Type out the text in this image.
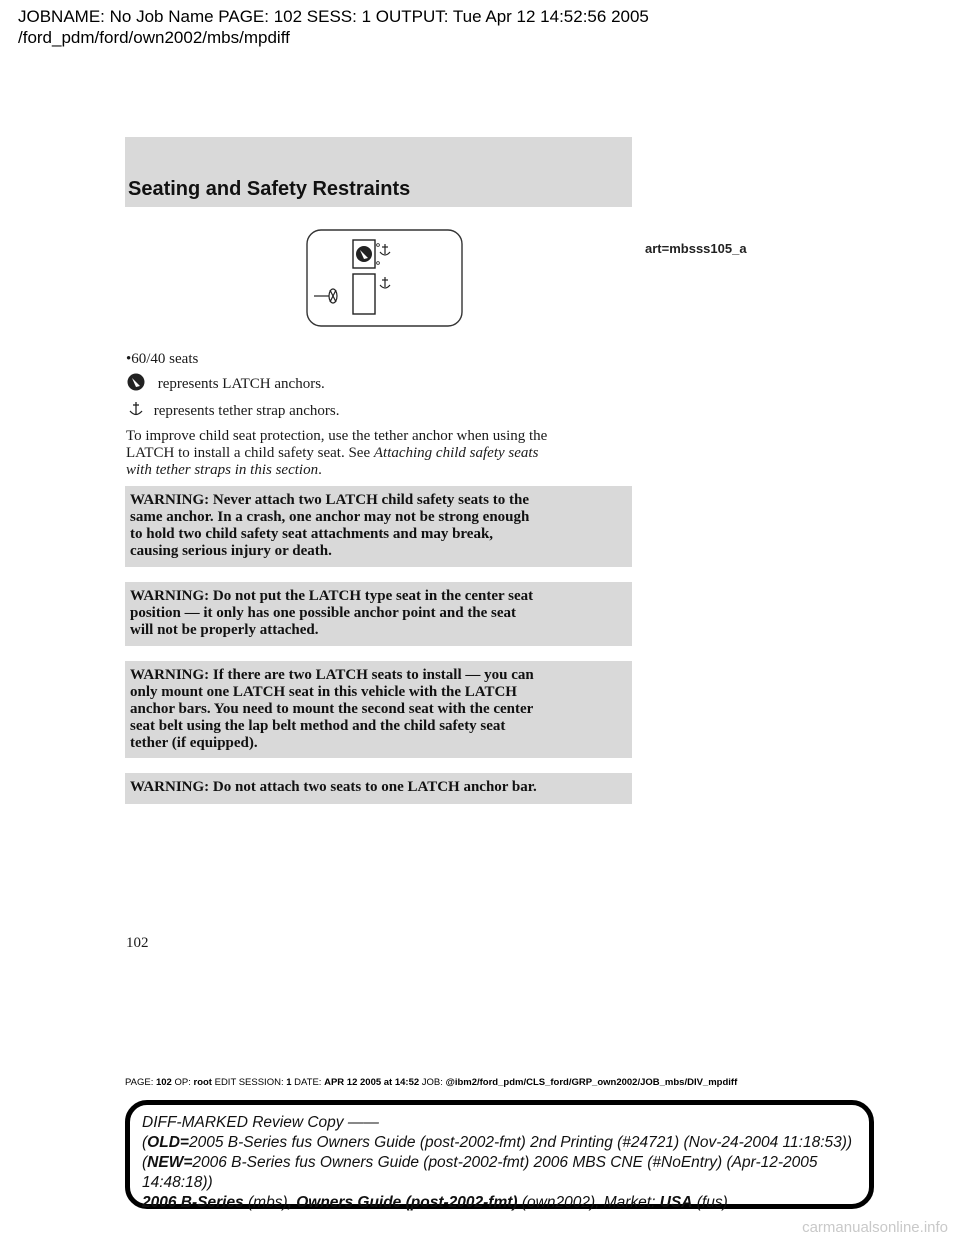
JOBNAME: No Job Name PAGE: 102 SESS: 1 OUTPUT: Tue Apr 12 14:52:56 2005
/ford_pdm/ford/own2002/mbs/mpdiff
Seating and Safety Restraints
art=mbsss105_a
•60/40 seats
represents LATCH anchors.
represents tether strap anchors.
To improve child seat protection, use the tether anchor when using the
LATCH to install a child safety seat. See Attaching child safety seats
with tether straps in this section.
WARNING: Never attach two LATCH child safety seats to the
same anchor. In a crash, one anchor may not be strong enough
to hold two child safety seat attachments and may break,
causing serious injury or death.
WARNING: Do not put the LATCH type seat in the center seat
position — it only has one possible anchor point and the seat
will not be properly attached.
WARNING: If there are two LATCH seats to install — you can
only mount one LATCH seat in this vehicle with the LATCH
anchor bars. You need to mount the second seat with the center
seat belt using the lap belt method and the child safety seat
tether (if equipped).
WARNING: Do not attach two seats to one LATCH anchor bar.
102
PAGE: 102 OP: root EDIT SESSION: 1 DATE: APR 12 2005 at 14:52 JOB: @ibm2/ford_pdm/CLS_ford/GRP_own2002/JOB_mbs/DIV_mpdiff
DIFF-MARKED Review Copy ——
(OLD=2005 B-Series fus Owners Guide (post-2002-fmt) 2nd Printing (#24721) (Nov-24-2004 11:18:53))
(NEW=2006 B-Series fus Owners Guide (post-2002-fmt) 2006 MBS CNE (#NoEntry) (Apr-12-2005 14:48:18))
2006 B-Series (mbs), Owners Guide (post-2002-fmt) (own2002), Market: USA (fus)
carmanualsonline.info
